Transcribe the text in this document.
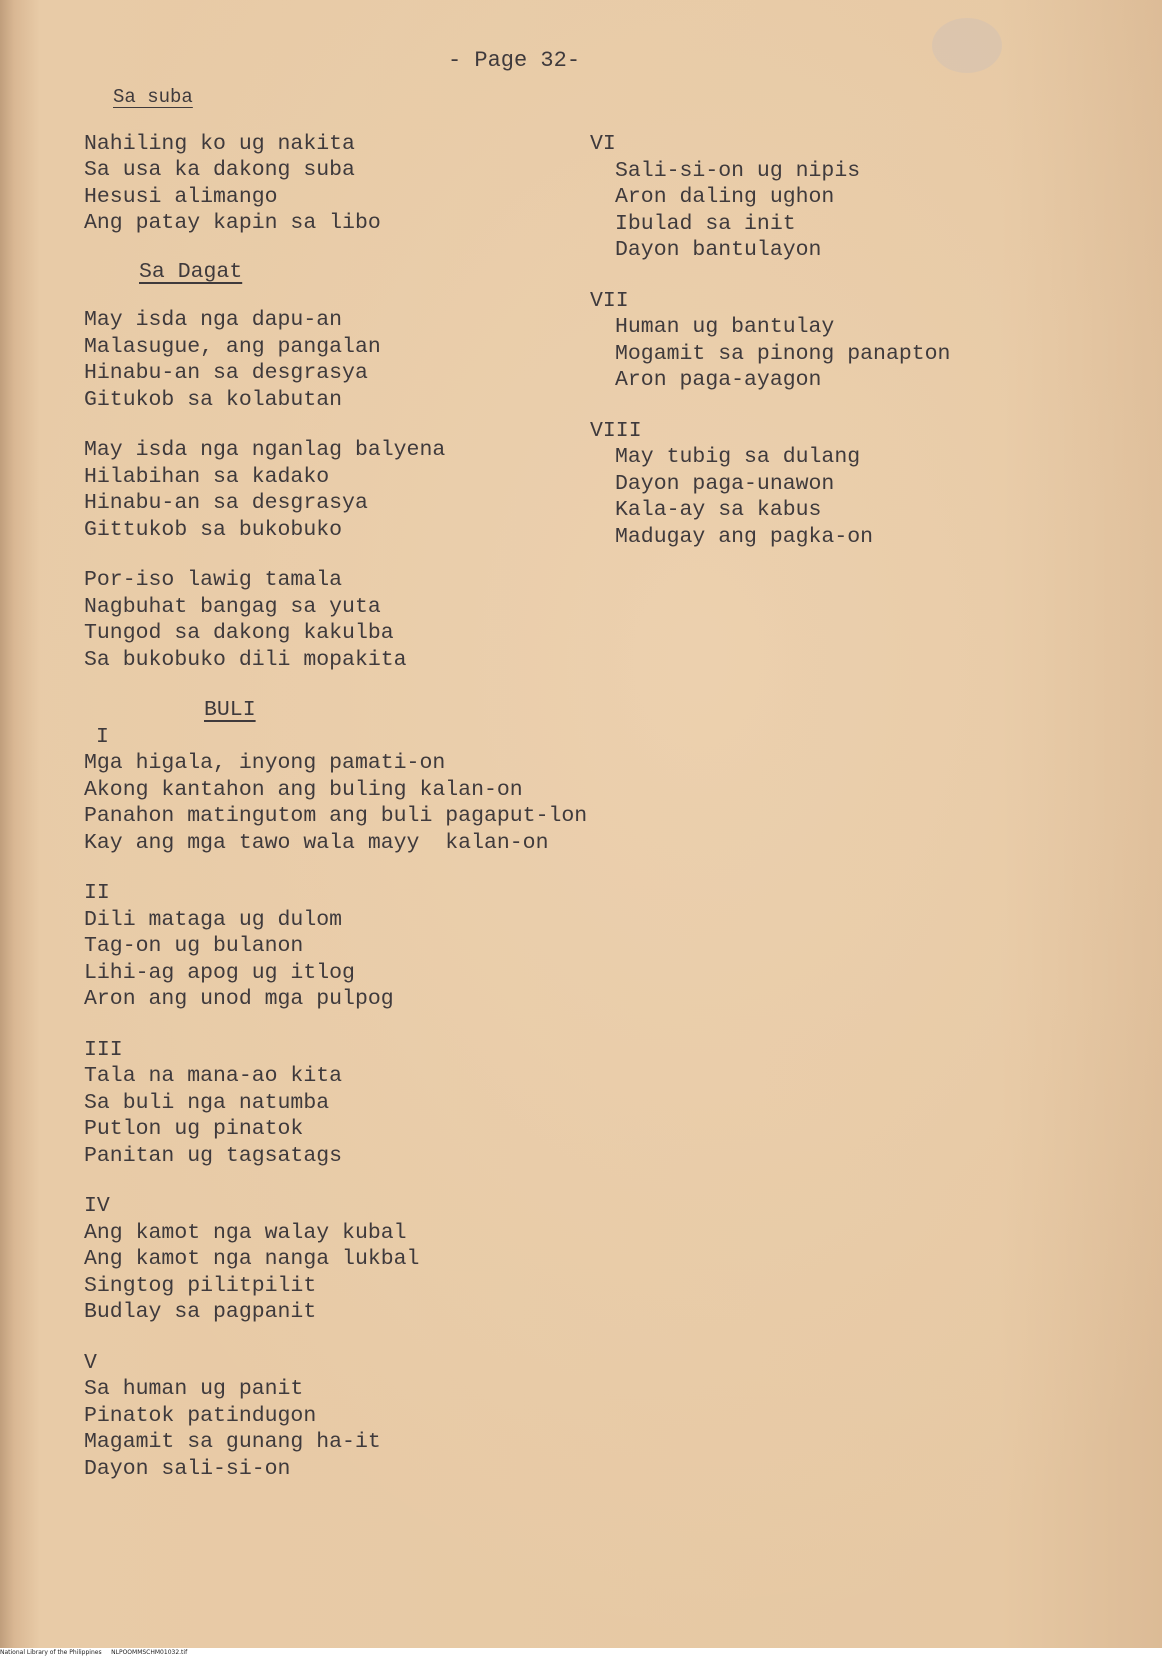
- Page 32-
Sa suba
Nahiling ko ug nakita
Sa usa ka dakong suba
Hesusi alimango
Ang patay kapin sa libo
Sa Dagat
May isda nga dapu-an
Malasugue, ang pangalan
Hinabu-an sa desgrasya
Gitukob sa kolabutan
May isda nga nganlag balyena
Hilabihan sa kadako
Hinabu-an sa desgrasya
Gittukob sa bukobuko
Por-iso lawig tamala
Nagbuhat bangag sa yuta
Tungod sa dakong kakulba
Sa bukobuko dili mopakita
BULI
I
Mga higala, inyong pamati-on
Akong kantahon ang buling kalan-on
Panahon matingutom ang buli pagaput-lon
Kay ang mga tawo wala mayy  kalan-on
II
Dili mataga ug dulom
Tag-on ug bulanon
Lihi-ag apog ug itlog
Aron ang unod mga pulpog
III
Tala na mana-ao kita
Sa buli nga natumba
Putlon ug pinatok
Panitan ug tagsatags
IV
Ang kamot nga walay kubal
Ang kamot nga nanga lukbal
Singtog pilitpilit
Budlay sa pagpanit
V
Sa human ug panit
Pinatok patindugon
Magamit sa gunang ha-it
Dayon sali-si-on
VI
Sali-si-on ug nipis
Aron daling ughon
Ibulad sa init
Dayon bantulayon
VII
Human ug bantulay
Mogamit sa pinong panapton
Aron paga-ayagon
VIII
May tubig sa dulang
Dayon paga-unawon
Kala-ay sa kabus
Madugay ang pagka-on
National Library of the Philippines NLPOOMMSCHM01032.tif
